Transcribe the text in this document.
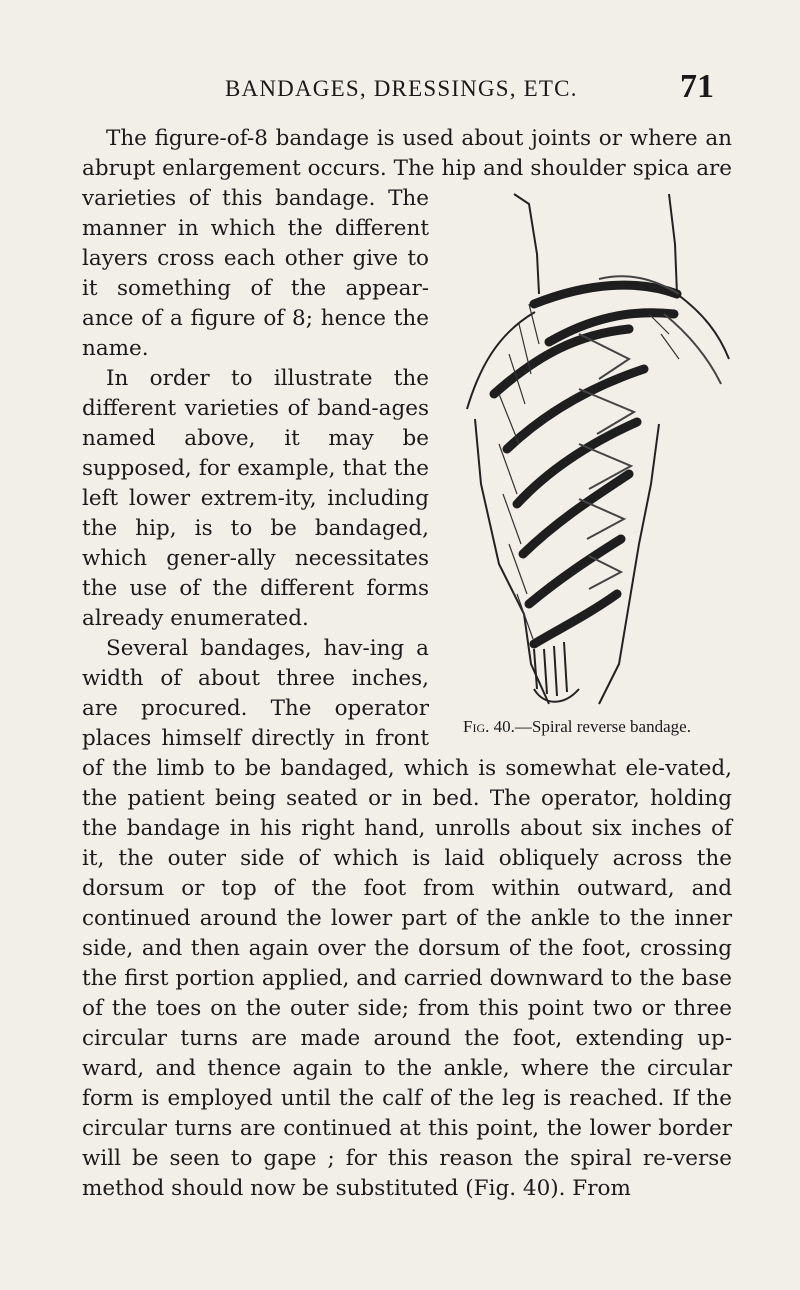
BANDAGES, DRESSINGS, ETC.	71

The figure-of-8 bandage is used about joints or where an abrupt enlargement occurs. The hip and shoulder
Fig. 40.—Spiral reverse bandage.
spica are varieties of this bandage. The manner in which the different layers cross each other give to it something of the appear-ance of a figure of 8; hence the name.

In order to illustrate the different varieties of band-ages named above, it may be supposed, for example, that the left lower extrem-ity, including the hip, is to be bandaged, which gener-ally necessitates the use of the different forms already enumerated.

Several bandages, hav-ing a width of about three inches, are procured. The operator places himself directly in front of the limb to be bandaged, which is somewhat ele-vated, the patient being seated or in bed. The operator, holding the bandage in his right hand, unrolls about six inches of it, the outer side of which is laid obliquely across the dorsum or top of the foot from within outward, and continued around the lower part of the ankle to the inner side, and then again over the dorsum of the foot, crossing the first portion applied, and carried downward to the base of the toes on the outer side; from this point two or three circular turns are made around the foot, extending up-ward, and thence again to the ankle, where the circular form is employed until the calf of the leg is reached. If the circular turns are continued at this point, the lower border will be seen to gape ; for this reason the spiral re-verse method should now be substituted (Fig. 40). From
